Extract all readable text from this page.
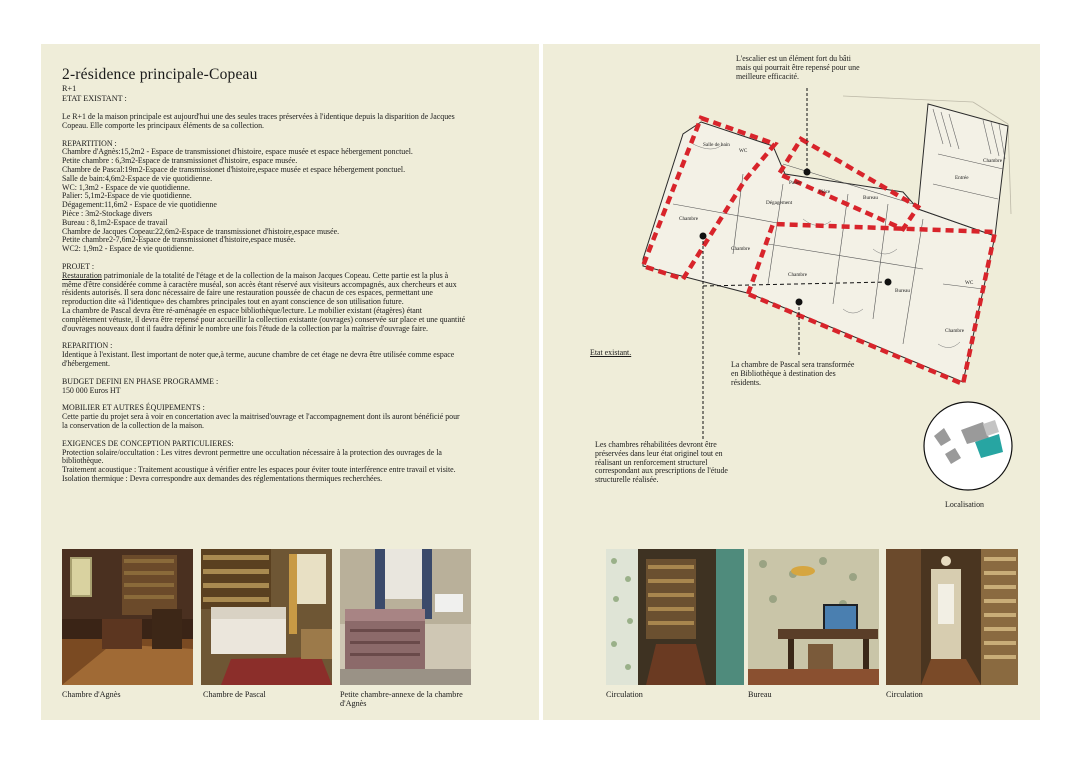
2-résidence principale-Copeau
R+1
ETAT EXISTANT :

Le R+1 de la maison principale est aujourd'hui une des seules traces préservées à l'identique depuis la disparition de Jacques Copeau. Elle comporte les principaux éléments de sa collection.

REPARTITION :

Chambre d'Agnès:15,2m2 - Espace de transmissionet d'histoire, espace musée et espace hébergement ponctuel.

Petite chambre : 6,3m2-Espace de transmissionet d'histoire, espace musée.

Chambre de Pascal:19m2-Espace de transmissionet d'histoire,espace musée et espace hébergement ponctuel.

Salle de bain:4,6m2-Espace de vie quotidienne.

WC: 1,3m2 - Espace de vie quotidienne.

Palier: 5,1m2-Espace de vie quotidienne.

Dégagement:11,6m2 - Espace de vie quotidienne

Pièce : 3m2-Stockage divers

Bureau : 8,1m2-Espace de travail

Chambre de Jacques Copeau:22,6m2-Espace de transmissionet d'histoire,espace musée.

Petite chambre2-7,6m2-Espace de transmissionet d'histoire,espace musée.

WC2: 1,9m2 - Espace de vie quotidienne.

PROJET :

Restauration patrimoniale de la totalité de l'étage et de la collection de la maison Jacques Copeau. Cette partie est la plus à même d'être considérée comme à caractère muséal, son accès étant réservé aux visiteurs accompagnés, aux chercheurs et aux résidents autorisés. Il sera donc nécessaire de faire une restauration poussée de chacun de ces espaces, permettant une reproduction dite «à l'identique» des chambres principales tout en ayant conscience de son utilisation future.

La chambre de Pascal devra être ré-aménagée en espace bibliothèque/lecture. Le mobilier existant (étagères) étant complètement vétuste, il devra être repensé pour accueillir la collection existante (ouvrages) conservée sur place et une quantité d'ouvrages nouveaux dont il faudra définir le nombre une fois l'étude de la collection par la maîtrise d'ouvrage faire.

REPARITION :

Identique à l'existant. Ilest important de noter que,à terme, aucune chambre de cet étage ne devra être utilisée comme espace d'hébergement.

BUDGET DEFINI EN PHASE PROGRAMME :

150 000 Euros HT

MOBILIER ET AUTRES ÉQUIPEMENTS :

Cette partie du projet sera à voir en concertation avec la maitrised'ouvrage et l'accompagnement dont ils auront bénéficié pour la conservation de la collection de la maison.

EXIGENCES DE CONCEPTION PARTICULIERES:

Protection solaire/occultation : Les vitres devront permettre une occultation nécessaire à la protection des ouvrages de la bibliothèque.

Traitement acoustique : Traitement acoustique à vérifier entre les espaces pour éviter toute interférence entre travail et visite.

Isolation thermique : Devra correspondre aux demandes des réglementations thermiques recherchées.

Chambre d'Agnès	Chambre de Pascal	Petite chambre-annexe de la chambre d'Agnès
Salle de bain
WC
Palier
Pièce
Bureau
Entrée
Chambre
Dégagement
Chambre
Chambre
Chambre
Bureau
WC
Chambre
L'escalier est un élément fort du bâti mais qui pourrait être repensé pour une meilleure efficacité.
Etat existant.
La chambre de Pascal sera transformée en Bibliothèque à destination des résidents.
Les chambres réhabilitées devront être préservées dans leur état originel tout en réalisant un renforcement structurel correspondant aux prescriptions de l'étude structurelle réalisée.
Localisation
Circulation	Bureau	Circulation
